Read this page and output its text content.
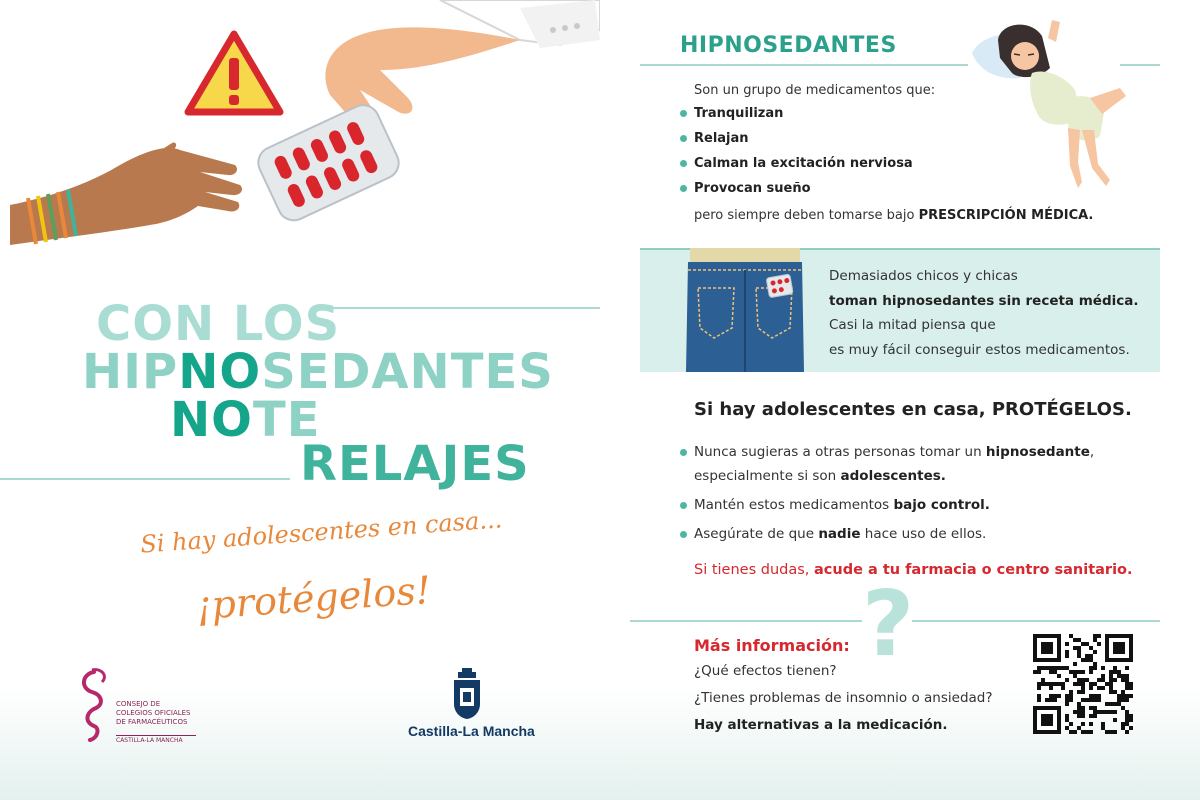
CON LOS
HIPNOSEDANTES
NOTE
RELAJES
Si hay adolescentes en casa...
¡protégelos!
CONSEJO DE
COLEGIOS OFICIALES
DE FARMACÉUTICOS
CASTILLA-LA MANCHA
Castilla-La Mancha
HIPNOSEDANTES
Son un grupo de medicamentos que:
Tranquilizan
Relajan
Calman la excitación nerviosa
Provocan sueño
pero siempre deben tomarse bajo PRESCRIPCIÓN MÉDICA.
Demasiados chicos y chicas
toman hipnosedantes sin receta médica.
Casi la mitad piensa que
es muy fácil conseguir estos medicamentos.
Si hay adolescentes en casa, PROTÉGELOS.
Nunca sugieras a otras personas tomar un hipnosedante,
especialmente si son adolescentes.
Mantén estos medicamentos bajo control.
Asegúrate de que nadie hace uso de ellos.
Si tienes dudas, acude a tu farmacia o centro sanitario.
?
Más información:
¿Qué efectos tienen?
¿Tienes problemas de insomnio o ansiedad?
Hay alternativas a la medicación.
